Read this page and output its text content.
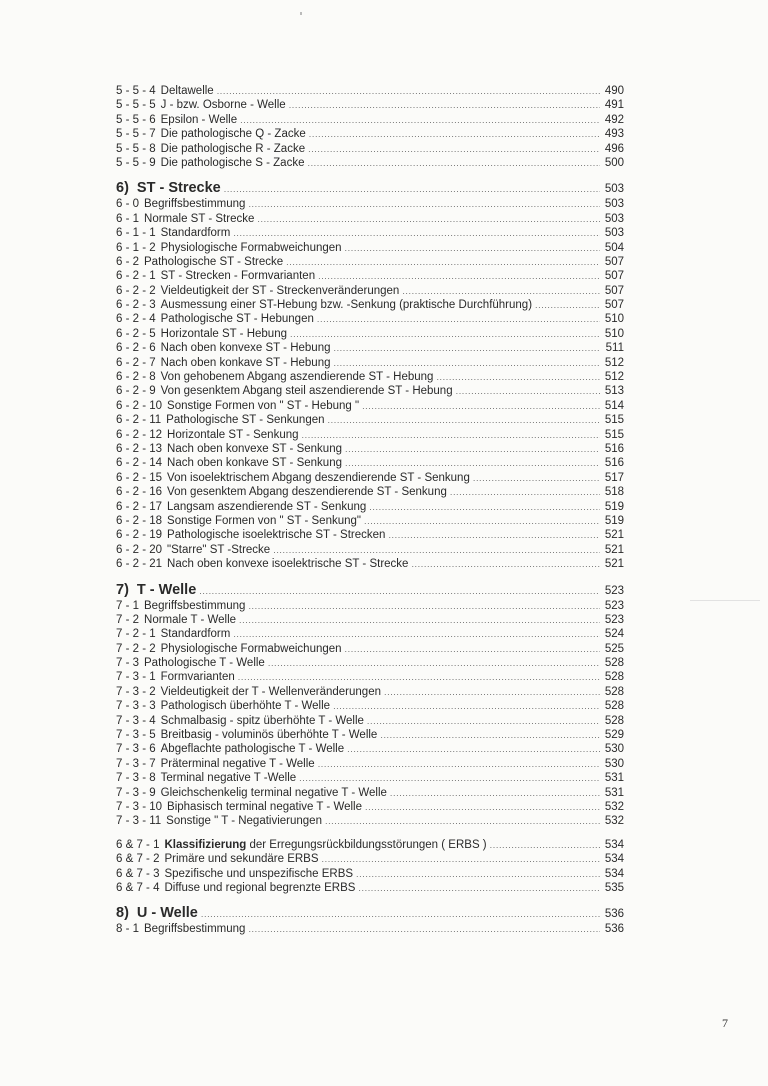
5 - 5 - 4 Deltawelle .....	490
5 - 5 - 5 J - bzw. Osborne - Welle .....	491
5 - 5 - 6 Epsilon - Welle .....	492
5 - 5 - 7 Die pathologische Q - Zacke .....	493
5 - 5 - 8 Die pathologische R - Zacke .....	496
5 - 5 - 9 Die pathologische S - Zacke .....	500
6) ST - Strecke .....	503
6 - 0 Begriffsbestimmung .....	503
6 - 1 Normale ST - Strecke .....	503
6 - 1 - 1 Standardform .....	503
6 - 1 - 2 Physiologische Formabweichungen .....	504
6 - 2 Pathologische ST - Strecke .....	507
6 - 2 - 1 ST - Strecken - Formvarianten .....	507
6 - 2 - 2 Vieldeutigkeit der ST - Streckenveränderungen .....	507
6 - 2 - 3 Ausmessung einer ST-Hebung bzw. -Senkung (praktische Durchführung) .....	507
6 - 2 - 4 Pathologische ST - Hebungen .....	510
6 - 2 - 5 Horizontale ST - Hebung .....	510
6 - 2 - 6 Nach oben konvexe ST - Hebung .....	511
6 - 2 - 7 Nach oben konkave ST - Hebung .....	512
6 - 2 - 8 Von gehobenem Abgang aszendierende ST - Hebung .....	512
6 - 2 - 9 Von gesenktem Abgang steil aszendierende ST - Hebung .....	513
6 - 2 - 10 Sonstige Formen von " ST - Hebung " .....	514
6 - 2 - 11 Pathologische ST - Senkungen .....	515
6 - 2 - 12 Horizontale ST - Senkung .....	515
6 - 2 - 13 Nach oben konvexe ST - Senkung .....	516
6 - 2 - 14 Nach oben konkave ST - Senkung .....	516
6 - 2 - 15 Von isoelektrischem Abgang deszendierende ST - Senkung .....	517
6 - 2 - 16 Von gesenktem Abgang deszendierende ST - Senkung .....	518
6 - 2 - 17 Langsam aszendierende ST - Senkung .....	519
6 - 2 - 18 Sonstige Formen von " ST - Senkung" .....	519
6 - 2 - 19 Pathologische isoelektrische ST - Strecken .....	521
6 - 2 - 20 "Starre" ST -Strecke .....	521
6 - 2 - 21 Nach oben konvexe isoelektrische ST - Strecke .....	521
7) T - Welle .....	523
7 - 1 Begriffsbestimmung .....	523
7 - 2 Normale T - Welle .....	523
7 - 2 - 1 Standardform .....	524
7 - 2 - 2 Physiologische Formabweichungen .....	525
7 - 3 Pathologische T - Welle .....	528
7 - 3 - 1 Formvarianten .....	528
7 - 3 - 2 Vieldeutigkeit der T - Wellenveränderungen .....	528
7 - 3 - 3 Pathologisch überhöhte T - Welle .....	528
7 - 3 - 4 Schmalbasig - spitz überhöhte T - Welle .....	528
7 - 3 - 5 Breitbasig - voluminös überhöhte T - Welle .....	529
7 - 3 - 6 Abgeflachte pathologische T - Welle .....	530
7 - 3 - 7 Präterminal negative T - Welle .....	530
7 - 3 - 8 Terminal negative T -Welle .....	531
7 - 3 - 9 Gleichschenkelig terminal negative T - Welle .....	531
7 - 3 - 10 Biphasisch terminal negative T - Welle .....	532
7 - 3 - 11 Sonstige " T - Negativierungen .....	532
6 & 7 - 1 Klassifizierung der Erregungsrückbildungsstörungen ( ERBS ) .....	534
6 & 7 - 2 Primäre und sekundäre ERBS .....	534
6 & 7 - 3 Spezifische und unspezifische ERBS .....	534
6 & 7 - 4 Diffuse und regional begrenzte ERBS .....	535
8) U - Welle .....	536
8 - 1 Begriffsbestimmung .....	536
7
